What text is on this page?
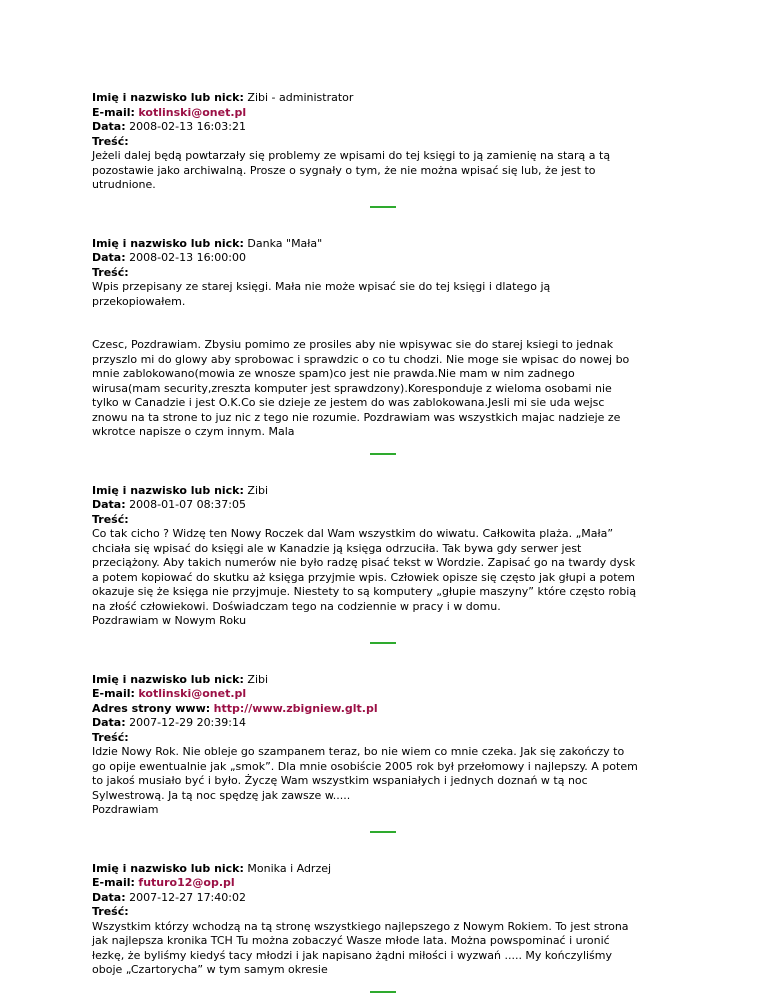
Imię i nazwisko lub nick: Zibi - administrator
E-mail: kotlinski@onet.pl
Data: 2008-02-13 16:03:21
Treść:
Jeżeli dalej będą powtarzały się problemy ze wpisami do tej księgi to ją zamienię na starą a tą
pozostawie jako archiwalną. Prosze o sygnały o tym, że nie można wpisać się lub, że jest to
utrudnione.
Imię i nazwisko lub nick: Danka "Mała"
Data: 2008-02-13 16:00:00
Treść:
Wpis przepisany ze starej księgi. Mała nie może wpisać sie do tej księgi i dlatego ją
przekopiowałem.
Czesc, Pozdrawiam. Zbysiu pomimo ze prosiles aby nie wpisywac sie do starej ksiegi to jednak
przyszlo mi do glowy aby sprobowac i sprawdzic o co tu chodzi. Nie moge sie wpisac do nowej bo
mnie zablokowano(mowia ze wnosze spam)co jest nie prawda.Nie mam w nim zadnego
wirusa(mam security,zreszta komputer jest sprawdzony).Koresponduje z wieloma osobami nie
tylko w Canadzie i jest O.K.Co sie dzieje ze jestem do was zablokowana.Jesli mi sie uda wejsc
znowu na ta strone to juz nic z tego nie rozumie. Pozdrawiam was wszystkich majac nadzieje ze
wkrotce napisze o czym innym. Mala
Imię i nazwisko lub nick: Zibi
Data: 2008-01-07 08:37:05
Treść:
Co tak cicho ? Widzę ten Nowy Roczek dal Wam wszystkim do wiwatu. Całkowita plaża. „Mała”
chciała się wpisać do księgi ale w Kanadzie ją księga odrzuciła. Tak bywa gdy serwer jest
przeciążony. Aby takich numerów nie było radzę pisać tekst w Wordzie. Zapisać go na twardy dysk
a potem kopiować do skutku aż księga przyjmie wpis. Człowiek opisze się często jak głupi a potem
okazuje się że księga nie przyjmuje. Niestety to są komputery „głupie maszyny” które często robią
na złość człowiekowi. Doświadczam tego na codziennie w pracy i w domu.
Pozdrawiam w Nowym Roku
Imię i nazwisko lub nick: Zibi
E-mail: kotlinski@onet.pl
Adres strony www: http://www.zbigniew.glt.pl
Data: 2007-12-29 20:39:14
Treść:
Idzie Nowy Rok. Nie obleje go szampanem teraz, bo nie wiem co mnie czeka. Jak się zakończy to
go opije ewentualnie jak „smok”. Dla mnie osobiście 2005 rok był przełomowy i najlepszy. A potem
to jakoś musiało być i było. Życzę Wam wszystkim wspaniałych i jednych doznań w tą noc
Sylwestrową. Ja tą noc spędzę jak zawsze w.....
Pozdrawiam
Imię i nazwisko lub nick: Monika i Adrzej
E-mail: futuro12@op.pl
Data: 2007-12-27 17:40:02
Treść:
Wszystkim którzy wchodzą na tą stronę wszystkiego najlepszego z Nowym Rokiem. To jest strona
jak najlepsza kronika TCH Tu można zobaczyć Wasze młode lata. Można powspominać i uronić
łezkę, że byliśmy kiedyś tacy młodzi i jak napisano żądni miłości i wyzwań ..... My kończyliśmy
oboje „Czartorycha” w tym samym okresie
